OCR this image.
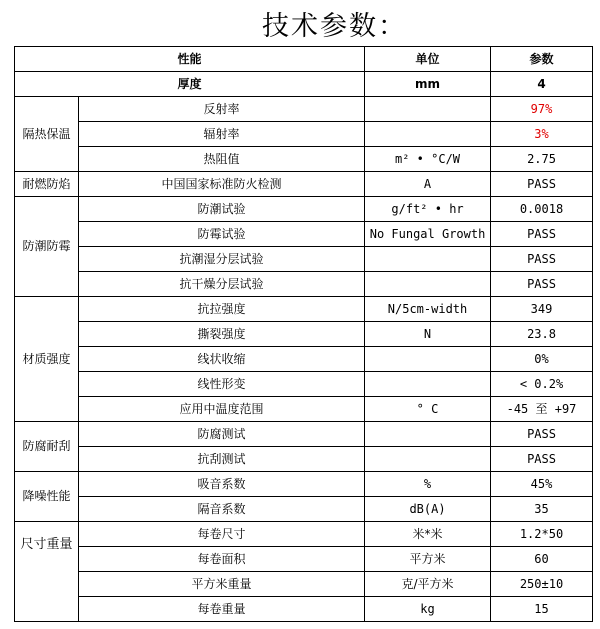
技术参数：
性能		单位	参数
厚度		mm	4
隔热保温	反射率		97%
	辐射率		3%
	热阻值	m² • °C/W	2.75
耐燃防焰	中国国家标准防火检测	A	PASS
防潮防霉	防潮试验	g/ft² • hr	0.0018
	防霉试验	No Fungal Growth	PASS
	抗潮湿分层试验		PASS
	抗干燥分层试验		PASS
材质强度	抗拉强度	N/5cm-width	349
	撕裂强度	N	23.8
	线状收缩		0%
	线性形变		< 0.2%
	应用中温度范围	° C	-45 至 +97
防腐耐刮	防腐测试		PASS
	抗刮测试		PASS
降噪性能	吸音系数	%	45%
	隔音系数	dB(A)	35
尺寸重量	每卷尺寸	米*米	1.2*50
	每卷面积	平方米	60
	平方米重量	克/平方米	250±10
	每卷重量	kg	15
